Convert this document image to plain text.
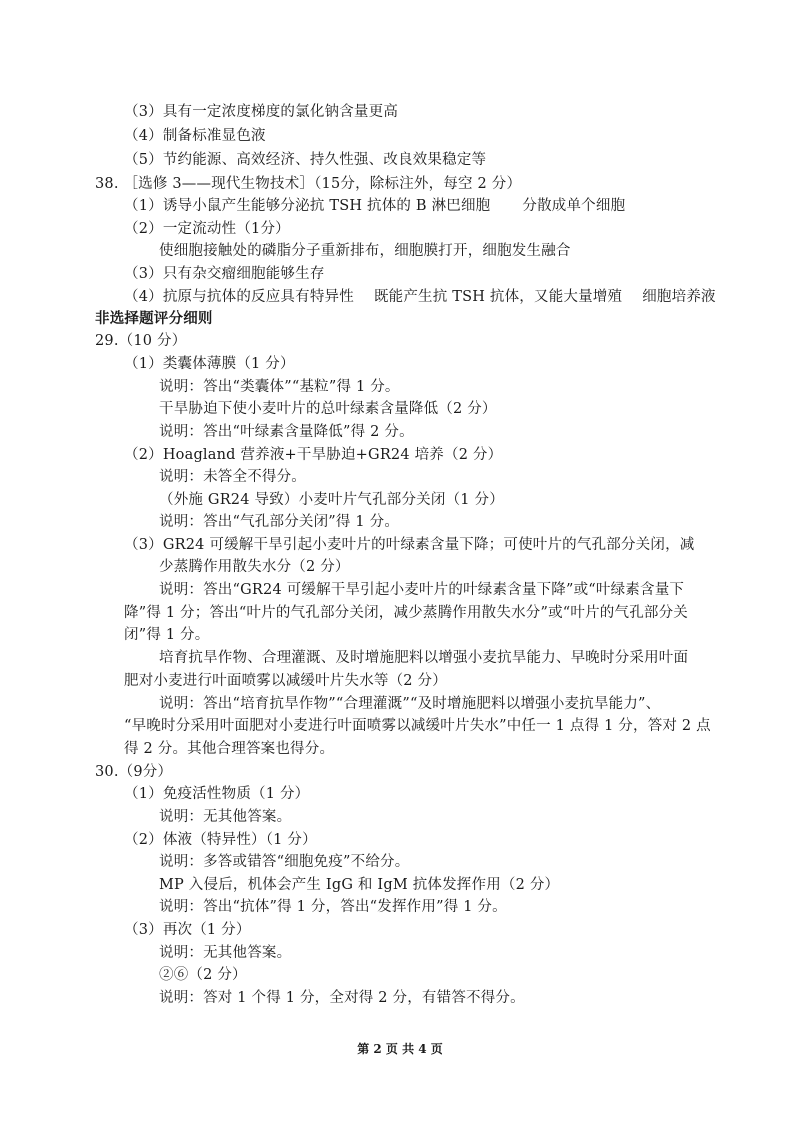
（3）具有一定浓度梯度的氯化钠含量更高
（4）制备标准显色液
（5）节约能源、高效经济、持久性强、改良效果稳定等
38. ［选修 3——现代生物技术］（15分，除标注外，每空 2 分）
（1）诱导小鼠产生能够分泌抗 TSH 抗体的 B 淋巴细胞 分散成单个细胞
（2）一定流动性（1分）
使细胞接触处的磷脂分子重新排布，细胞膜打开，细胞发生融合
（3）只有杂交瘤细胞能够生存
（4）抗原与抗体的反应具有特异性 既能产生抗 TSH 抗体，又能大量增殖 细胞培养液
非选择题评分细则
29.（10 分）
（1）类囊体薄膜（1 分）
说明：答出“类囊体”“基粒”得 1 分。
干旱胁迫下使小麦叶片的总叶绿素含量降低（2 分）
说明：答出“叶绿素含量降低”得 2 分。
（2）Hoagland 营养液+干旱胁迫+GR24 培养（2 分）
说明：未答全不得分。
（外施 GR24 导致）小麦叶片气孔部分关闭（1 分）
说明：答出“气孔部分关闭”得 1 分。
（3）GR24 可缓解干旱引起小麦叶片的叶绿素含量下降；可使叶片的气孔部分关闭，减
少蒸腾作用散失水分（2 分）
说明：答出“GR24 可缓解干旱引起小麦叶片的叶绿素含量下降”或“叶绿素含量下
降”得 1 分；答出“叶片的气孔部分关闭，减少蒸腾作用散失水分”或“叶片的气孔部分关
闭”得 1 分。
培育抗旱作物、合理灌溉、及时增施肥料以增强小麦抗旱能力、早晚时分采用叶面
肥对小麦进行叶面喷雾以减缓叶片失水等（2 分）
说明：答出“培育抗旱作物”“合理灌溉”“及时增施肥料以增强小麦抗旱能力”、
“早晚时分采用叶面肥对小麦进行叶面喷雾以减缓叶片失水”中任一 1 点得 1 分，答对 2 点
得 2 分。其他合理答案也得分。
30.（9分）
（1）免疫活性物质（1 分）
说明：无其他答案。
（2）体液（特异性）（1 分）
说明：多答或错答“细胞免疫”不给分。
MP 入侵后，机体会产生 IgG 和 IgM 抗体发挥作用（2 分）
说明：答出“抗体”得 1 分，答出“发挥作用”得 1 分。
（3）再次（1 分）
说明：无其他答案。
②⑥（2 分）
说明：答对 1 个得 1 分，全对得 2 分，有错答不得分。
第 2 页 共 4 页
